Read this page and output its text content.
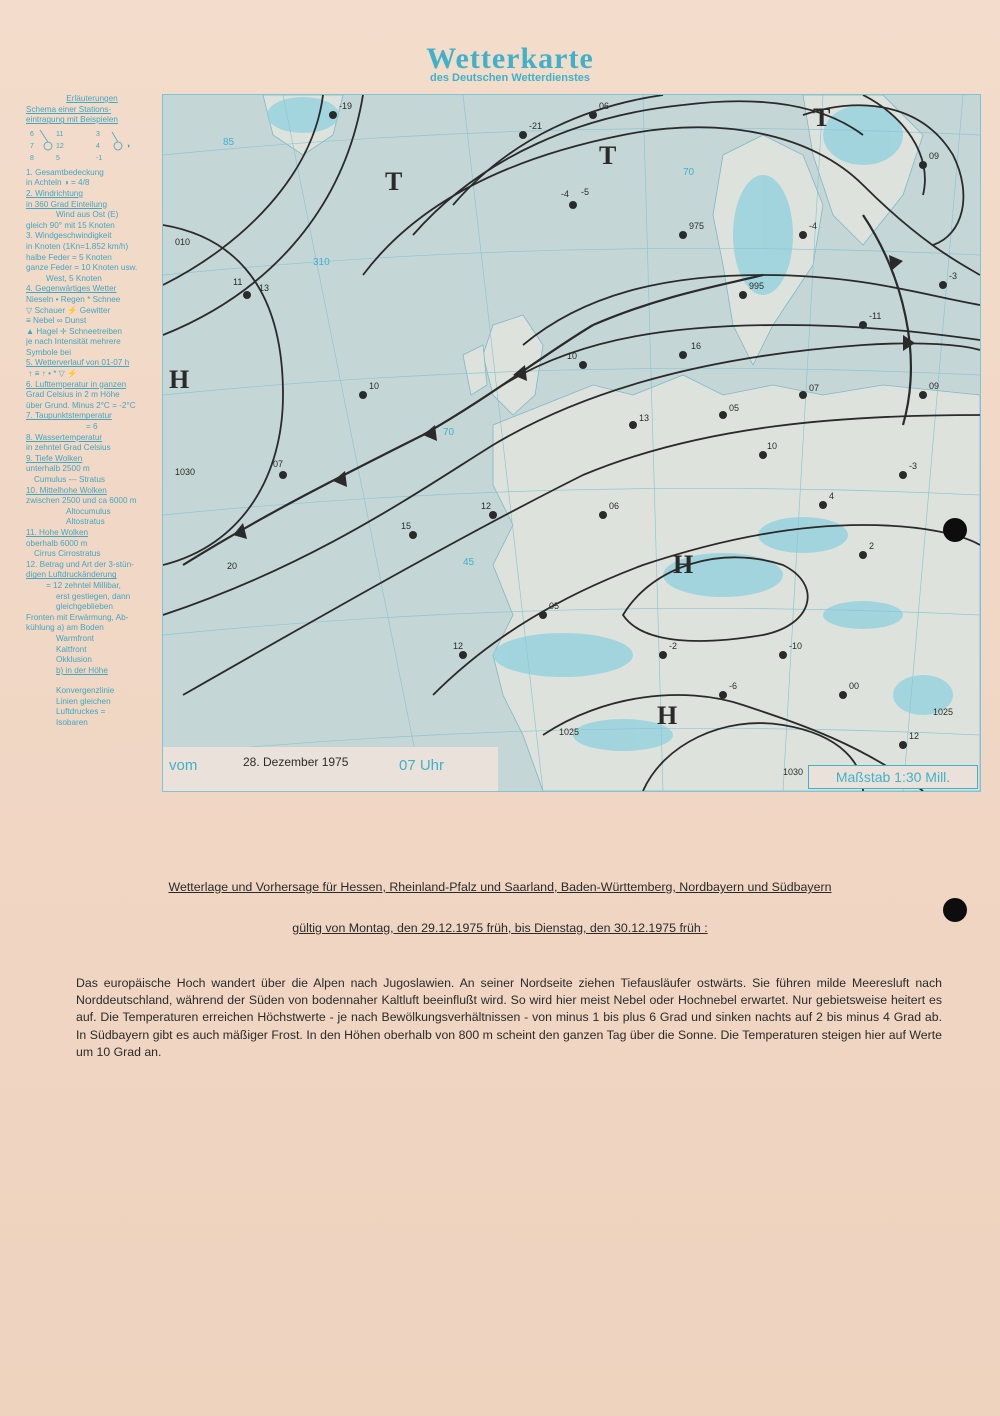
Wetterkarte
des Deutschen Wetterdienstes
Erläuterungen
Schema einer Stations-
eintragung mit Beispielen
6
7
8
11
12
5
3
4	◑
-1
1. Gesamtbedeckung
in Achteln ◑ = 4/8
2. Windrichtung
in 360 Grad Einteilung
Wind aus Ost (E)
gleich 90° mit 15 Knoten
3. Windgeschwindigkeit
in Knoten (1Kn=1.852 km/h)
halbe Feder = 5 Knoten
ganze Feder = 10 Knoten usw.
West, 5 Knoten
4. Gegenwärtiges Wetter
Nieseln • Regen * Schnee
▽ Schauer ⚡ Gewitter
≡ Nebel ∞ Dunst
▲ Hagel ✛ Schneetreiben
je nach Intensität mehrere
Symbole bei
5. Wetterverlauf von 01-07 h
↑ ≡ ↑ • * ▽ ⚡
6. Lufttemperatur in ganzen
Grad Celsius in 2 m Höhe
über Grund. Minus 2°C = -2°C
7. Taupunktstemperatur
= 6
8. Wassertemperatur
in zehntel Grad Celsius
9. Tiefe Wolken
unterhalb 2500 m
Cumulus --- Stratus
10. Mittelhohe Wolken
zwischen 2500 und ca 6000 m
Altocumulus
Altostratus
11. Hohe Wolken
oberhalb 6000 m
Cirrus Cirrostratus
12. Betrag und Art der 3-stün-
digen Luftdruckänderung
= 12 zehntel Millibar,
erst gestiegen, dann
gleichgeblieben
Fronten mit Erwärmung, Ab-
kühlung a) am Boden
Warmfront
Kaltfront
Okklusion
b) in der Höhe
Konvergenzlinie
Linien gleichen
Luftdruckes =
Isobaren
11
13
07
-4 -5
10
13
16
05
10
07
4
2
-3
09
-3
09
12
05
06
-2
-6
-10
00
12
12
15
10
-19
-21
06
975
995
-11
-4
010
1030
20
1025
1030
1025
310
70
45
70
85
T
T
T
H
H
H
vom	28. Dezember 1975	07 Uhr
Maßstab 1:30 Mill.
Wetterlage und Vorhersage für Hessen, Rheinland-Pfalz und Saarland, Baden-Württemberg, Nordbayern und Südbayern
gültig von Montag, den 29.12.1975 früh, bis Dienstag, den 30.12.1975 früh :
Das europäische Hoch wandert über die Alpen nach Jugoslawien. An seiner Nordseite ziehen Tiefausläufer ostwärts. Sie führen milde Meeresluft nach Norddeutschland, während der Süden von bodennaher Kaltluft beeinflußt wird. So wird hier meist Nebel oder Hochnebel erwartet. Nur gebietsweise heitert es auf. Die Temperaturen erreichen Höchstwerte - je nach Bewölkungsverhältnissen - von minus 1 bis plus 6 Grad und sinken nachts auf 2 bis minus 4 Grad ab. In Südbayern gibt es auch mäßiger Frost. In den Höhen oberhalb von 800 m scheint den ganzen Tag über die Sonne. Die Temperaturen steigen hier auf Werte um 10 Grad an.
